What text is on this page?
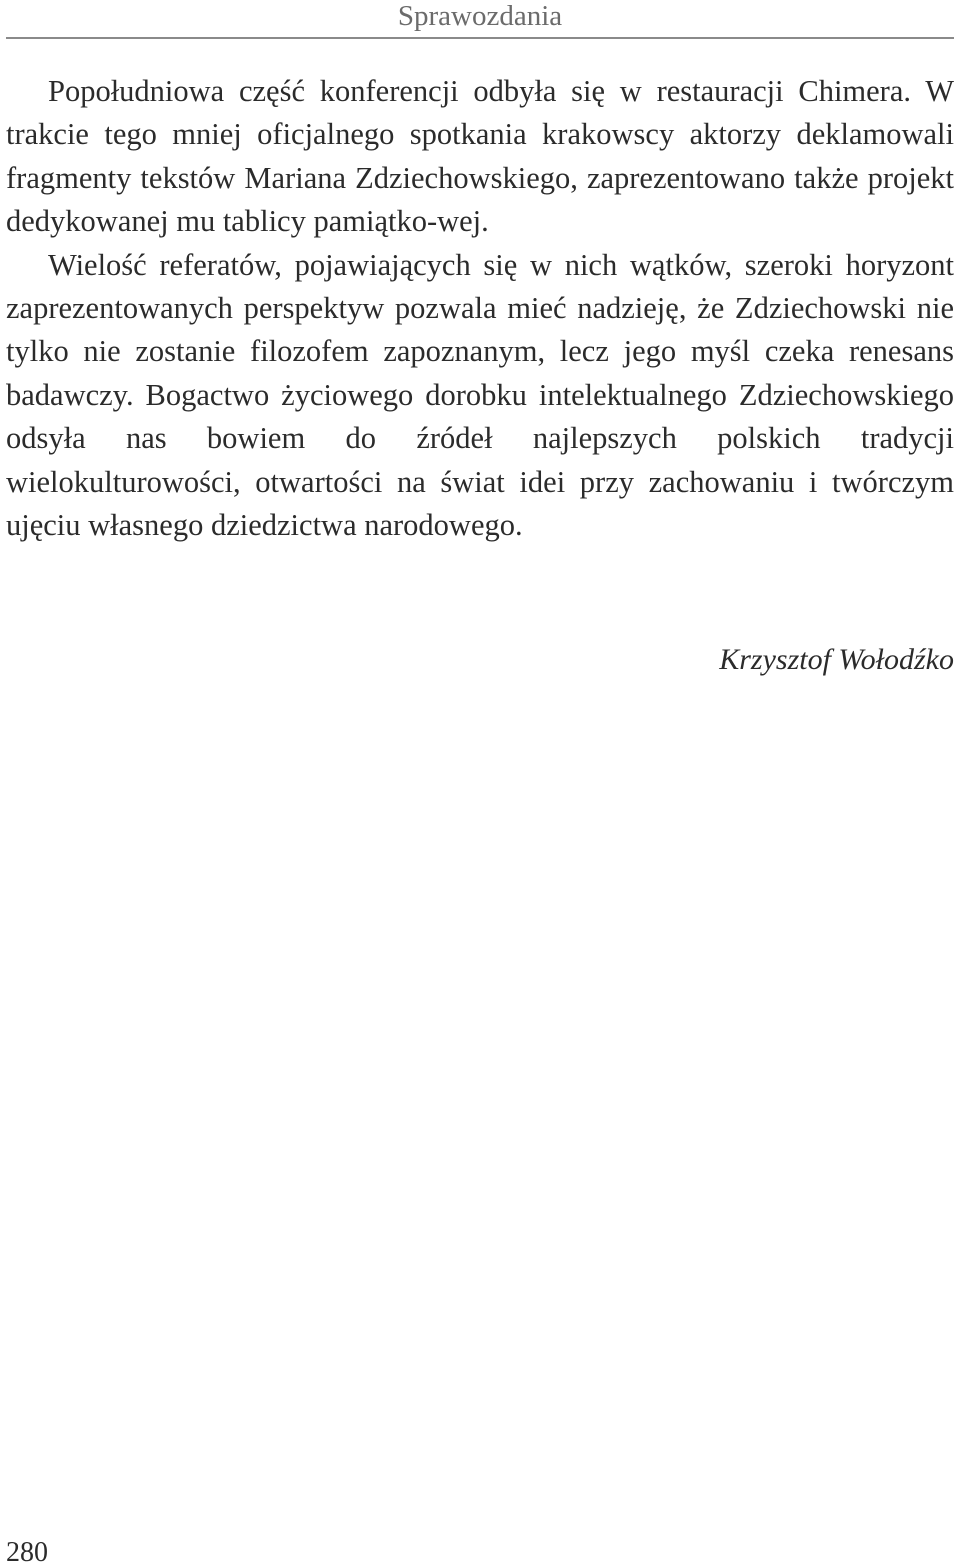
Sprawozdania

Popołudniowa część konferencji odbyła się w restauracji Chimera. W trakcie tego mniej oficjalnego spotkania krakowscy aktorzy deklamowali fragmenty tekstów Mariana Zdziechowskiego, zaprezentowano także projekt dedykowanej mu tablicy pamiątko-wej.

Wielość referatów, pojawiających się w nich wątków, szeroki horyzont zaprezentowanych perspektyw pozwala mieć nadzieję, że Zdziechowski nie tylko nie zostanie filozofem zapoznanym, lecz jego myśl czeka renesans badawczy. Bogactwo życiowego dorobku intelektualnego Zdziechowskiego odsyła nas bowiem do źródeł najlepszych polskich tradycji wielokulturowości, otwartości na świat idei przy zachowaniu i twórczym ujęciu własnego dziedzictwa narodowego.

Krzysztof Wołodźko
280
